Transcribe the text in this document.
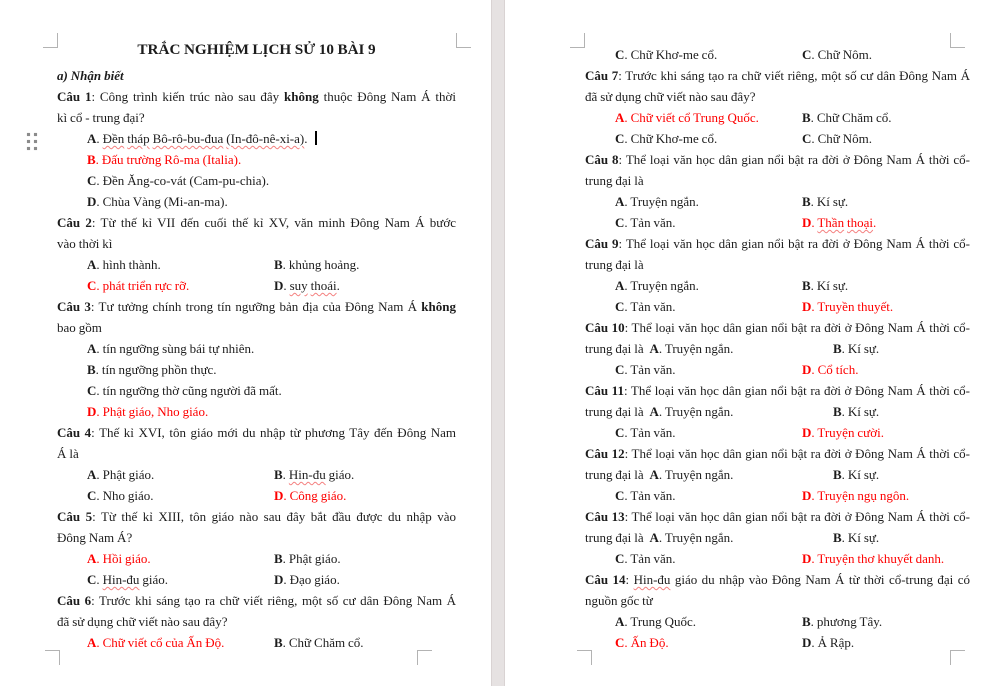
TRẮC NGHIỆM LỊCH SỬ 10 BÀI 9
a) Nhận biết
Câu 1: Công trình kiến trúc nào sau đây không thuộc Đông Nam Á thời
kì cổ - trung đại?
A. Đền tháp Bô-rô-bu-đua (In-đô-nê-xi-a).
B. Đấu trường Rô-ma (Italia).
C. Đền Ăng-co-vát (Cam-pu-chia).
D. Chùa Vàng (Mi-an-ma).
Câu 2: Từ thế kỉ VII đến cuối thế kỉ XV, văn minh Đông Nam Á bước
vào thời kì
A. hình thành.	B. khủng hoảng.
C. phát triển rực rỡ.	D. suy thoái.
Câu 3: Tư tưởng chính trong tín ngưỡng bản địa của Đông Nam Á không
bao gồm
A. tín ngưỡng sùng bái tự nhiên.
B. tín ngưỡng phồn thực.
C. tín ngưỡng thờ cũng người đã mất.
D. Phật giáo, Nho giáo.
Câu 4: Thế kỉ XVI, tôn giáo mới du nhập từ phương Tây đến Đông Nam
Á là
A. Phật giáo.	B. Hin-đu giáo.
C. Nho giáo.	D. Công giáo.
Câu 5: Từ thế kỉ XIII, tôn giáo nào sau đây bắt đầu được du nhập vào
Đông Nam Á?
A. Hồi giáo.	B. Phật giáo.
C. Hin-đu giáo.	D. Đạo giáo.
Câu 6: Trước khi sáng tạo ra chữ viết riêng, một số cư dân Đông Nam Á
đã sử dụng chữ viết nào sau đây?
A. Chữ viết cổ của Ấn Độ.	B. Chữ Chăm cổ.
C. Chữ Khơ-me cổ.	C. Chữ Nôm.
Câu 7: Trước khi sáng tạo ra chữ viết riêng, một số cư dân Đông Nam Á
đã sử dụng chữ viết nào sau đây?
A. Chữ viết cổ Trung Quốc.	B. Chữ Chăm cổ.
C. Chữ Khơ-me cổ.	C. Chữ Nôm.
Câu 8: Thể loại văn học dân gian nổi bật ra đời ở Đông Nam Á thời cổ-
trung đại là
A. Truyện ngắn.	B. Kí sự.
C. Tản văn.	D. Thần thoại.
Câu 9: Thể loại văn học dân gian nổi bật ra đời ở Đông Nam Á thời cổ-
trung đại là
A. Truyện ngắn.	B. Kí sự.
C. Tản văn.	D. Truyền thuyết.
Câu 10: Thể loại văn học dân gian nổi bật ra đời ở Đông Nam Á thời cổ-
trung đại là  A. Truyện ngắn.	B. Kí sự.
C. Tản văn.	D. Cổ tích.
Câu 11: Thể loại văn học dân gian nổi bật ra đời ở Đông Nam Á thời cổ-
trung đại là  A. Truyện ngắn.	B. Kí sự.
C. Tản văn.	D. Truyện cười.
Câu 12: Thể loại văn học dân gian nổi bật ra đời ở Đông Nam Á thời cổ-
trung đại là  A. Truyện ngắn.	B. Kí sự.
C. Tản văn.	D. Truyện ngụ ngôn.
Câu 13: Thể loại văn học dân gian nổi bật ra đời ở Đông Nam Á thời cổ-
trung đại là  A. Truyện ngắn.	B. Kí sự.
C. Tản văn.	D. Truyện thơ khuyết danh.
Câu 14: Hin-đu giáo du nhập vào Đông Nam Á từ thời cổ-trung đại có
nguồn gốc từ
A. Trung Quốc.	B. phương Tây.
C. Ấn Độ.	D. Ả Rập.
